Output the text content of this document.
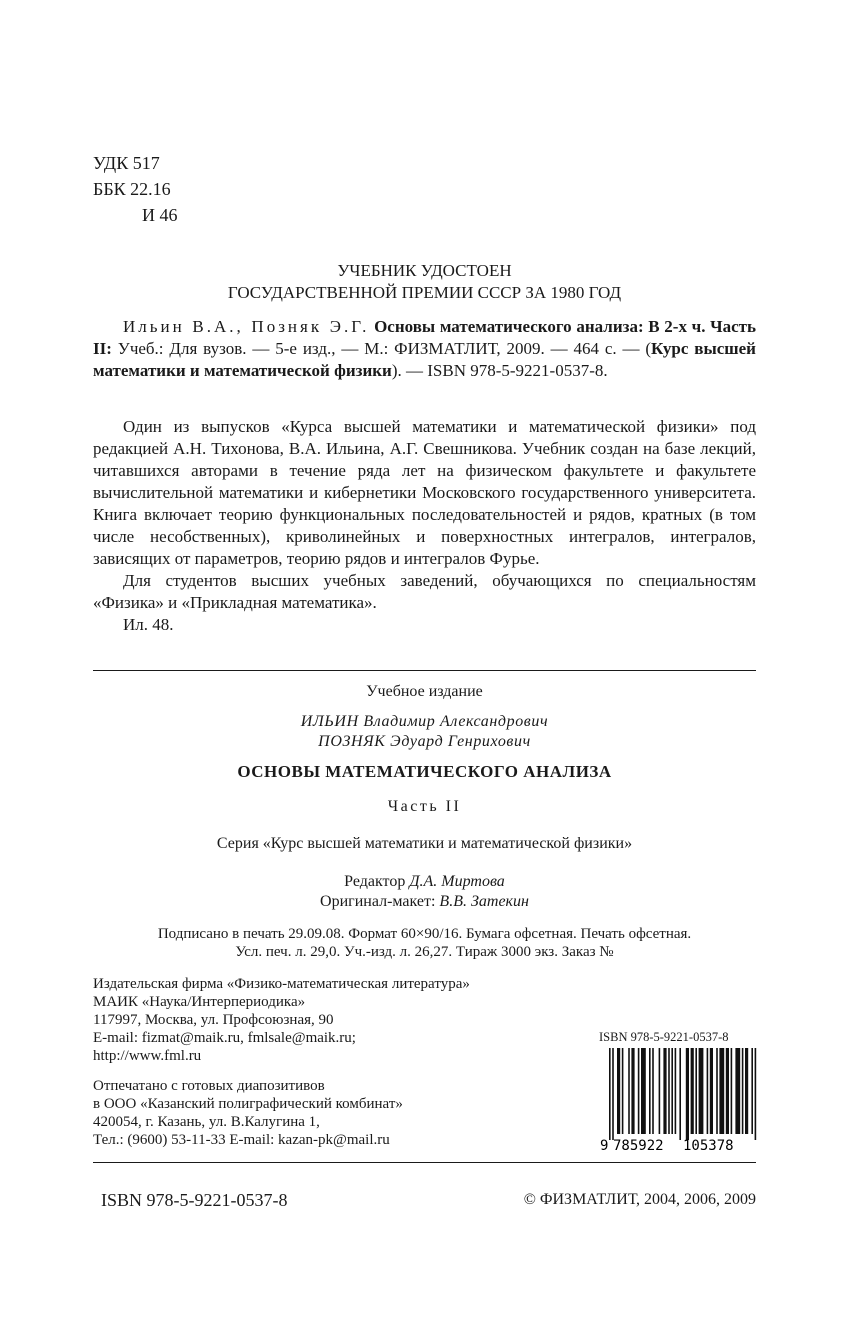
УДК 517
ББК 22.16
И 46
УЧЕБНИК УДОСТОЕН
ГОСУДАРСТВЕННОЙ ПРЕМИИ СССР ЗА 1980 ГОД

Ильин В.А., Позняк Э.Г. Основы математического анализа: В 2-х ч. Часть II: Учеб.: Для вузов. — 5-е изд., — М.: ФИЗМАТЛИТ, 2009. — 464 с. — (Курс высшей математики и математической физики). — ISBN 978-5-9221-0537-8.

Один из выпусков «Курса высшей математики и математической физики» под редакцией А.Н. Тихонова, В.А. Ильина, А.Г. Свешникова. Учебник создан на базе лекций, читавшихся авторами в течение ряда лет на физическом факультете и факультете вычислительной математики и кибернетики Московского государственного университета. Книга включает теорию функциональных последовательностей и рядов, кратных (в том числе несобственных), криволинейных и поверхностных интегралов, интегралов, зависящих от параметров, теорию рядов и интегралов Фурье.

Для студентов высших учебных заведений, обучающихся по специальностям «Физика» и «Прикладная математика».

Ил. 48.

Учебное издание
ИЛЬИН Владимир Александрович
ПОЗНЯК Эдуард Генрихович
ОСНОВЫ МАТЕМАТИЧЕСКОГО АНАЛИЗА
Часть II
Серия «Курс высшей математики и математической физики»
Редактор Д.А. Миртова
Оригинал-макет: В.В. Затекин
Подписано в печать 29.09.08. Формат 60×90/16. Бумага офсетная. Печать офсетная.
Усл. печ. л. 29,0. Уч.-изд. л. 26,27. Тираж 3000 экз. Заказ №
Издательская фирма «Физико-математическая литература»
МАИК «Наука/Интерпериодика»
117997, Москва, ул. Профсоюзная, 90
E-mail: fizmat@maik.ru, fmlsale@maik.ru;
http://www.fml.ru
Отпечатано с готовых диапозитивов
в ООО «Казанский полиграфический комбинат»
420054, г. Казань, ул. В.Калугина 1,
Тел.: (9600) 53-11-33 E-mail: kazan-pk@mail.ru
ISBN 978-5-9221-0537-8
9 785922 105378
ISBN 978-5-9221-0537-8	© ФИЗМАТЛИТ, 2004, 2006, 2009
